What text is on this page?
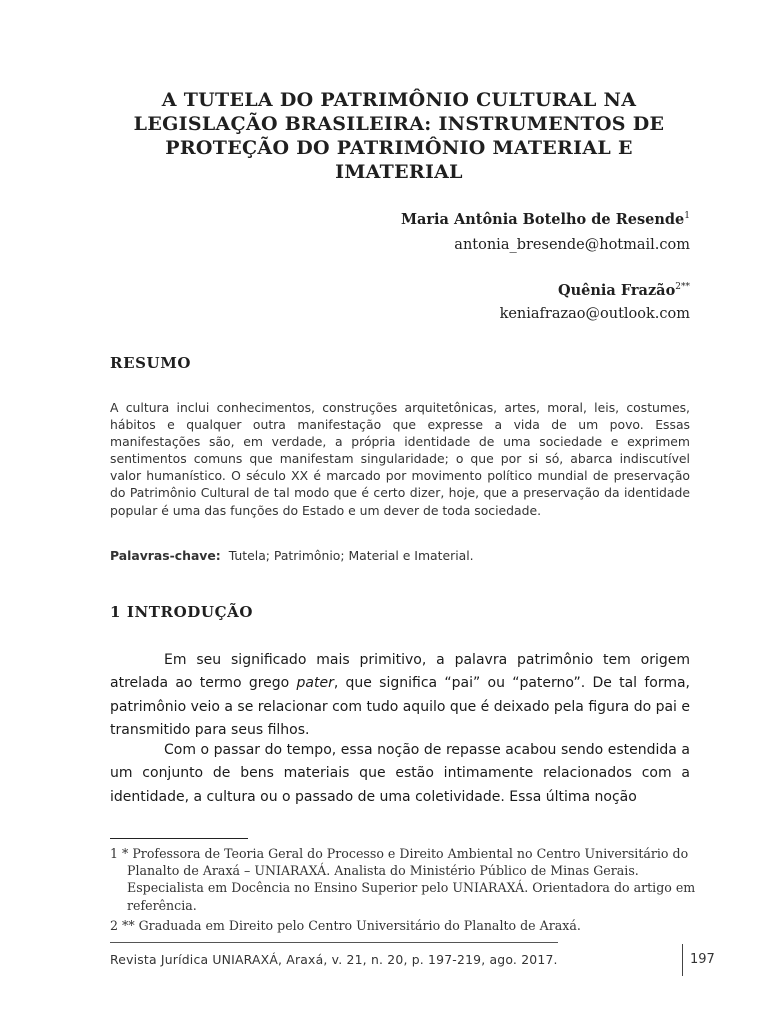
A TUTELA DO PATRIMÔNIO CULTURAL NA LEGISLAÇÃO BRASILEIRA: INSTRUMENTOS DE PROTEÇÃO DO PATRIMÔNIO MATERIAL E IMATERIAL

Maria Antônia Botelho de Resende$^1$

antonia_bresende@hotmail.com

Quênia Frazão$^{2**}$

keniafrazao@outlook.com

RESUMO

A cultura inclui conhecimentos, construções arquitetônicas, artes, moral, leis, costumes, hábitos e qualquer outra manifestação que expresse a vida de um povo. Essas manifestações são, em verdade, a própria identidade de uma sociedade e exprimem sentimentos comuns que manifestam singularidade; o que por si só, abarca indiscutível valor humanístico. O século XX é marcado por movimento político mundial de preservação do Patrimônio Cultural de tal modo que é certo dizer, hoje, que a preservação da identidade popular é uma das funções do Estado e um dever de toda sociedade.

Palavras-chave: Tutela; Patrimônio; Material e Imaterial.

1 INTRODUÇÃO

Em seu significado mais primitivo, a palavra patrimônio tem origem atrelada ao termo grego pater, que significa “pai” ou “paterno”. De tal forma, patrimônio veio a se relacionar com tudo aquilo que é deixado pela figura do pai e transmitido para seus filhos.

Com o passar do tempo, essa noção de repasse acabou sendo estendida a um conjunto de bens materiais que estão intimamente relacionados com a identidade, a cultura ou o passado de uma coletividade. Essa última noção

1 * Professora de Teoria Geral do Processo e Direito Ambiental no Centro Universitário do Planalto de Araxá – UNIARAXÁ. Analista do Ministério Público de Minas Gerais. Especialista em Docência no Ensino Superior pelo UNIARAXÁ. Orientadora do artigo em referência.

2 ** Graduada em Direito pelo Centro Universitário do Planalto de Araxá.

Revista Jurídica UNIARAXÁ, Araxá, v. 21, n. 20, p. 197-219, ago. 2017.	197
